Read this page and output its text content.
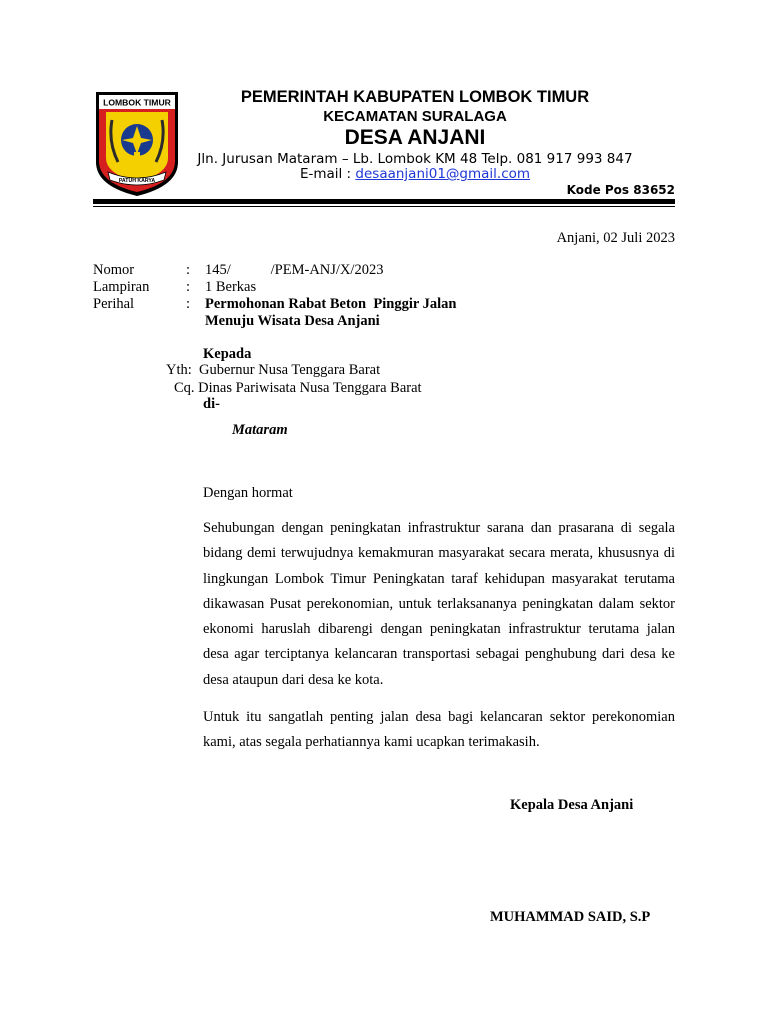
LOMBOK TIMUR
PATUH KARYA
PEMERINTAH KABUPATEN LOMBOK TIMUR
KECAMATAN SURALAGA
DESA ANJANI
Jln. Jurusan Mataram – Lb. Lombok KM 48 Telp. 081 917 993 847
E-mail : desaanjani01@gmail.com
Kode Pos 83652
Anjani, 02 Juli 2023
Nomor	: 145/           /PEM-ANJ/X/2023
Lampiran	: 1 Berkas
Perihal	: Permohonan Rabat Beton  Pinggir Jalan
Menuju Wisata Desa Anjani
Kepada
Yth:  Gubernur Nusa Tenggara Barat
Cq. Dinas Pariwisata Nusa Tenggara Barat
di-
Mataram
Dengan hormat
Sehubungan dengan peningkatan infrastruktur sarana dan prasarana di segala bidang demi terwujudnya kemakmuran masyarakat secara merata, khususnya di lingkungan Lombok Timur Peningkatan taraf kehidupan masyarakat terutama dikawasan Pusat perekonomian, untuk terlaksananya peningkatan dalam sektor ekonomi haruslah dibarengi dengan peningkatan infrastruktur terutama jalan desa agar terciptanya kelancaran transportasi sebagai penghubung dari desa ke desa ataupun dari desa ke kota.
Untuk itu sangatlah penting jalan desa bagi kelancaran sektor perekonomian kami, atas segala perhatiannya kami ucapkan terimakasih.
Kepala Desa Anjani
MUHAMMAD SAID, S.P
